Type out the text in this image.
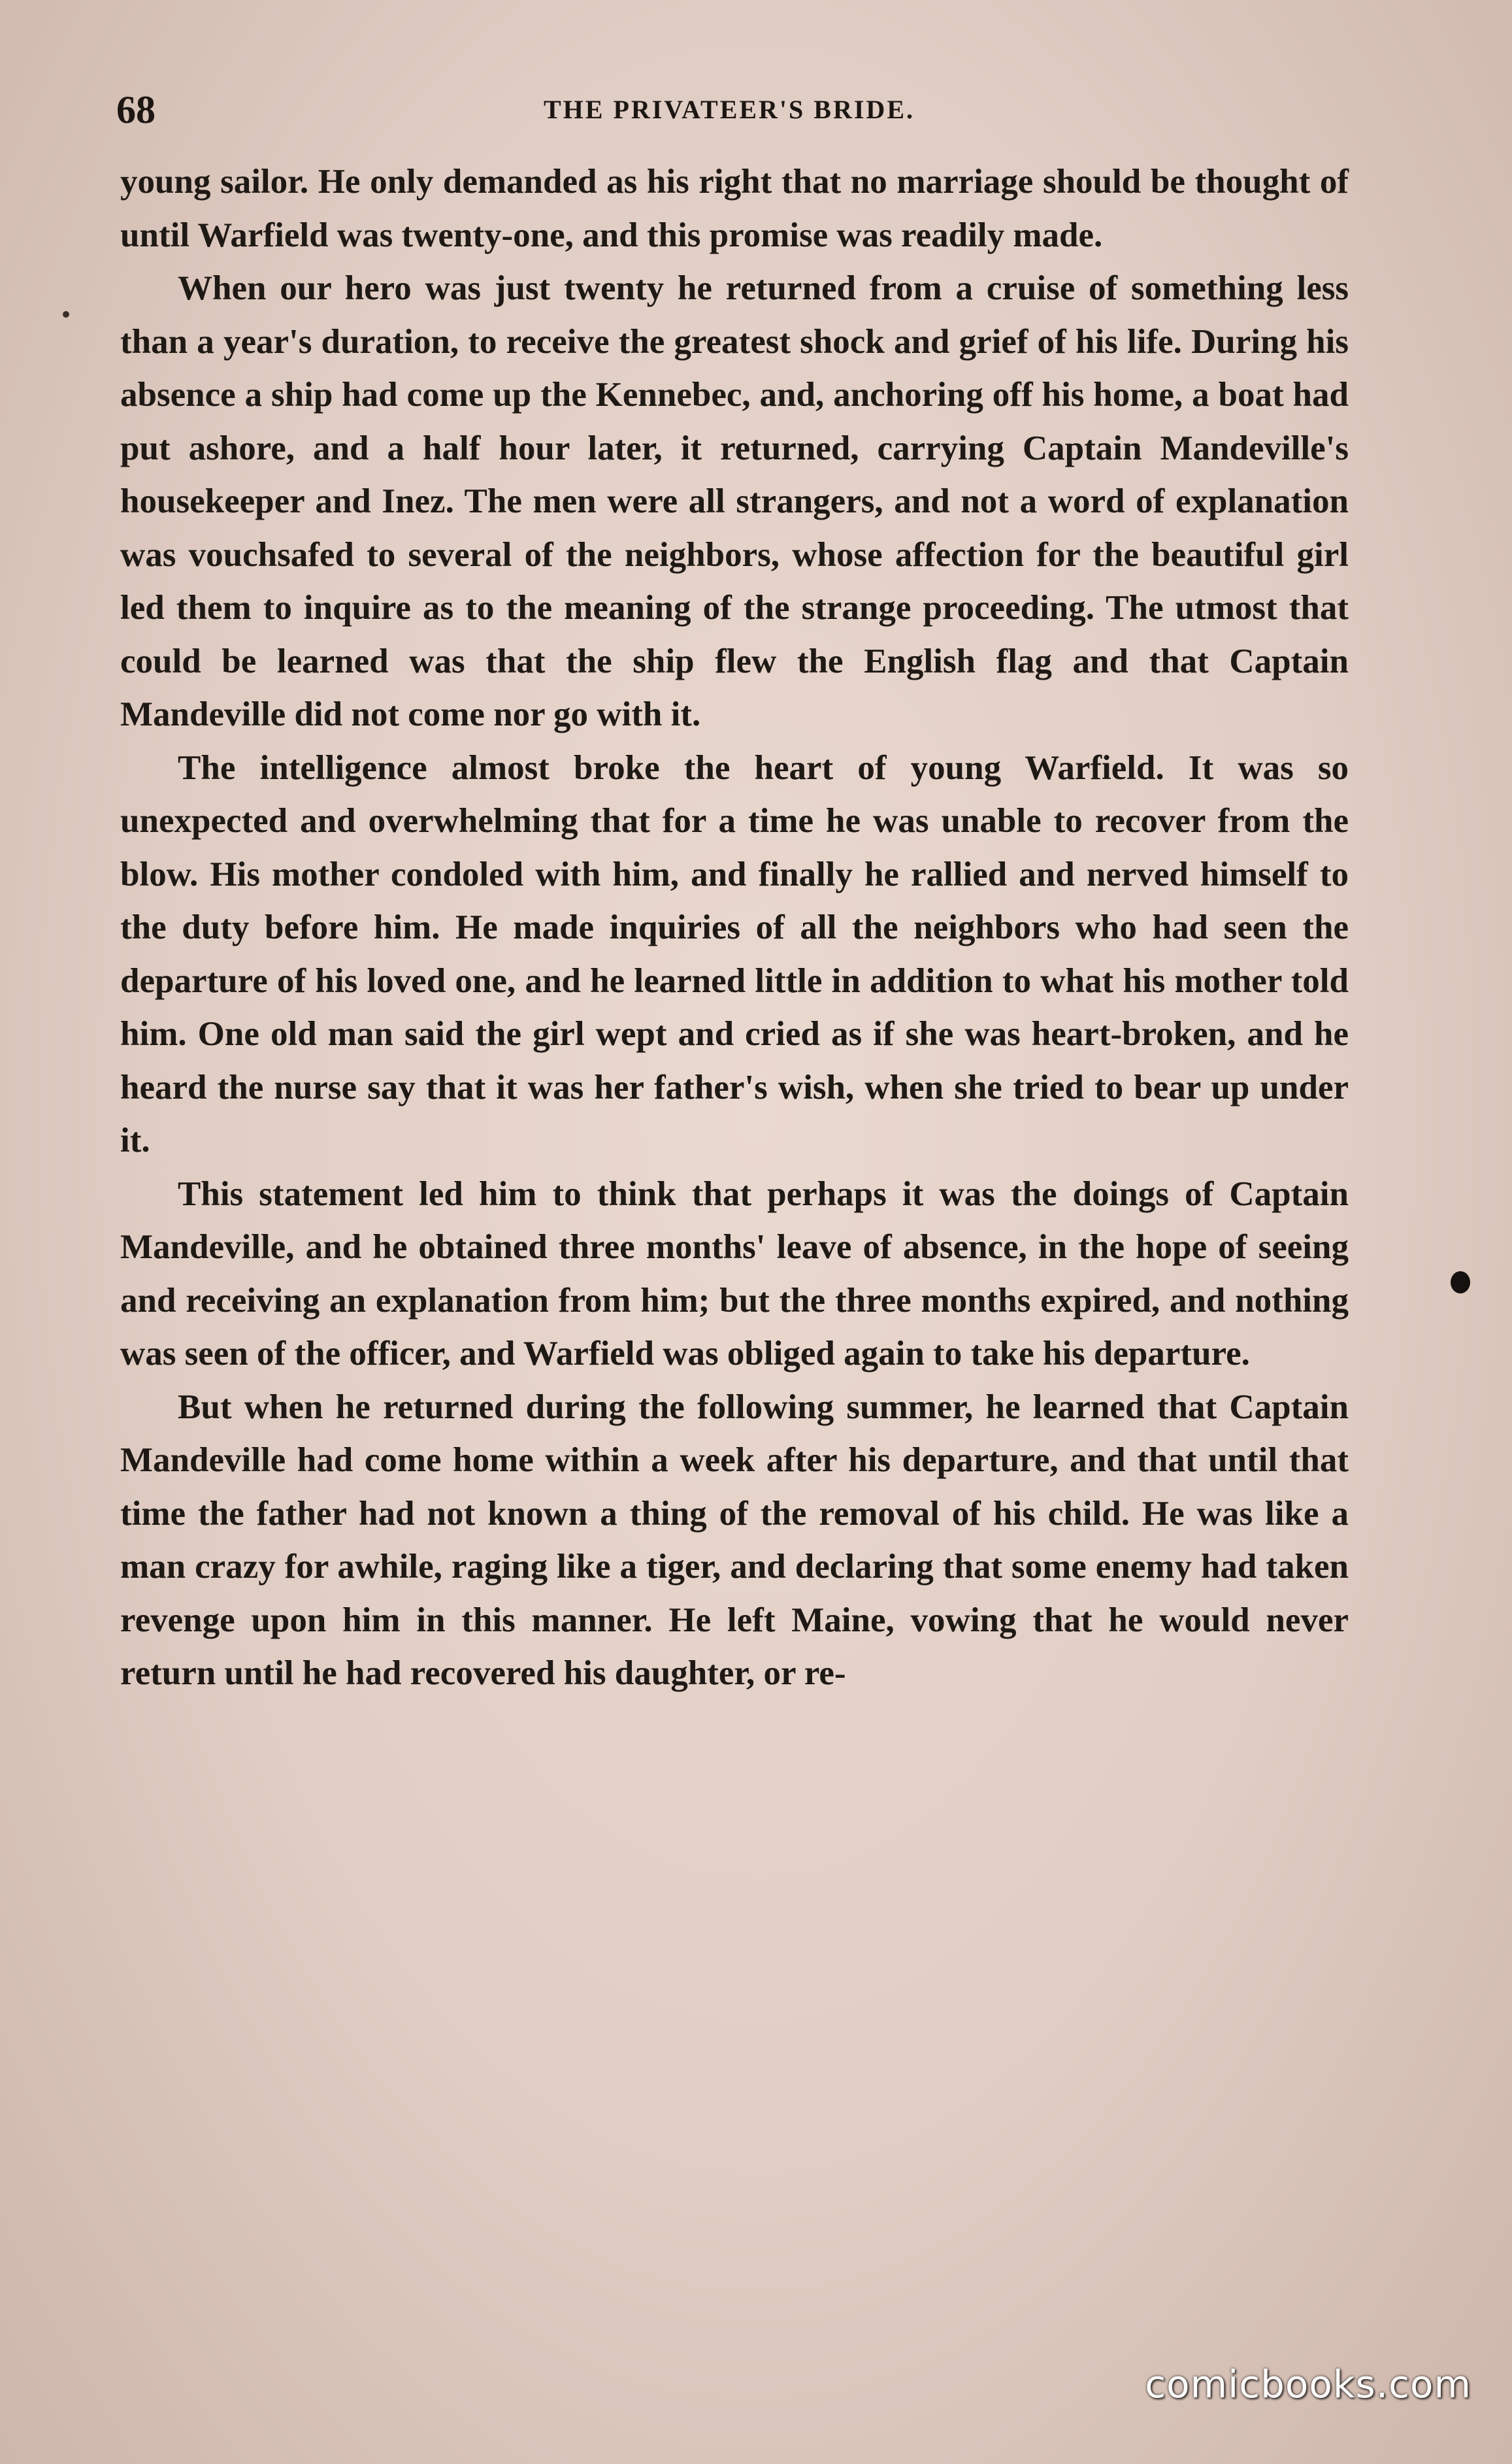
68	THE PRIVATEER'S BRIDE.

young sailor. He only demanded as his right that no marriage should be thought of until Warfield was twenty-one, and this promise was readily made.

When our hero was just twenty he returned from a cruise of something less than a year's duration, to receive the greatest shock and grief of his life. During his absence a ship had come up the Kennebec, and, anchoring off his home, a boat had put ashore, and a half hour later, it returned, carrying Captain Mandeville's housekeeper and Inez. The men were all strangers, and not a word of explanation was vouchsafed to several of the neighbors, whose affection for the beautiful girl led them to inquire as to the meaning of the strange proceeding. The utmost that could be learned was that the ship flew the English flag and that Captain Mandeville did not come nor go with it.

The intelligence almost broke the heart of young Warfield. It was so unexpected and overwhelming that for a time he was unable to recover from the blow. His mother condoled with him, and finally he rallied and nerved himself to the duty before him. He made inquiries of all the neighbors who had seen the departure of his loved one, and he learned little in addition to what his mother told him. One old man said the girl wept and cried as if she was heart-broken, and he heard the nurse say that it was her father's wish, when she tried to bear up under it.

This statement led him to think that perhaps it was the doings of Captain Mandeville, and he obtained three months' leave of absence, in the hope of seeing and receiving an explanation from him; but the three months expired, and nothing was seen of the officer, and Warfield was obliged again to take his departure.

But when he returned during the following summer, he learned that Captain Mandeville had come home within a week after his departure, and that until that time the father had not known a thing of the removal of his child. He was like a man crazy for awhile, raging like a tiger, and declaring that some enemy had taken revenge upon him in this manner. He left Maine, vowing that he would never return until he had recovered his daughter, or re-

comicbooks.com
